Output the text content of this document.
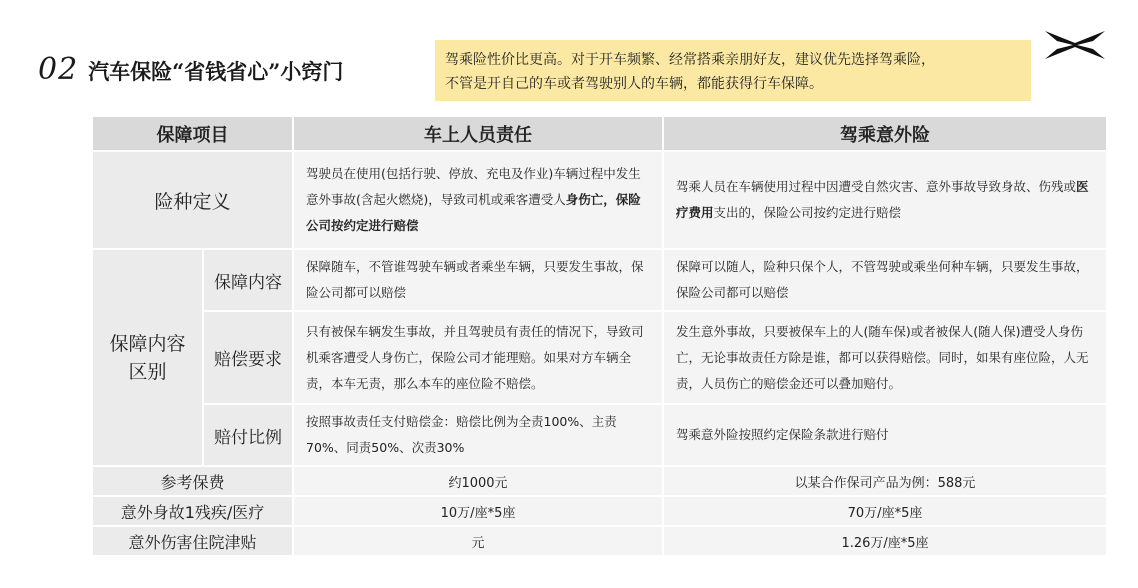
02 汽车保险“省钱省心”小窍门	驾乘险性价比更高。对于开车频繁、经常搭乘亲朋好友，建议优先选择驾乘险，
不管是开自己的车或者驾驶别人的车辆，都能获得行车保障。
保障项目		车上人员责任	驾乘意外险
险种定义		驾驶员在使用(包括行驶、停放、充电及作业)车辆过程中发生意外事故(含起火燃烧)，导致司机或乘客遭受人身伤亡，保险公司按约定进行赔偿	驾乘人员在车辆使用过程中因遭受自然灾害、意外事故导致身故、伤残或医疗费用支出的，保险公司按约定进行赔偿

保障内容区别	保障内容	保障随车，不管谁驾驶车辆或者乘坐车辆，只要发生事故，保险公司都可以赔偿	保障可以随人，险种只保个人，不管驾驶或乘坐何种车辆，只要发生事故，保险公司都可以赔偿
	赔偿要求	只有被保车辆发生事故，并且驾驶员有责任的情况下，导致司机乘客遭受人身伤亡，保险公司才能理赔。如果对方车辆全责，本车无责，那么本车的座位险不赔偿。	发生意外事故，只要被保车上的人(随车保)或者被保人(随人保)遭受人身伤亡，无论事故责任方除是谁，都可以获得赔偿。同时，如果有座位险，人无责，人员伤亡的赔偿金还可以叠加赔付。
	赔付比例	按照事故责任支付赔偿金：赔偿比例为全责100%、主责70%、同责50%、次责30%	驾乘意外险按照约定保险条款进行赔付
参考保费		约1000元	以某合作保司产品为例：588元
意外身故1残疾/医疗		10万/座*5座	70万/座*5座
意外伤害住院津贴		元	1.26万/座*5座
